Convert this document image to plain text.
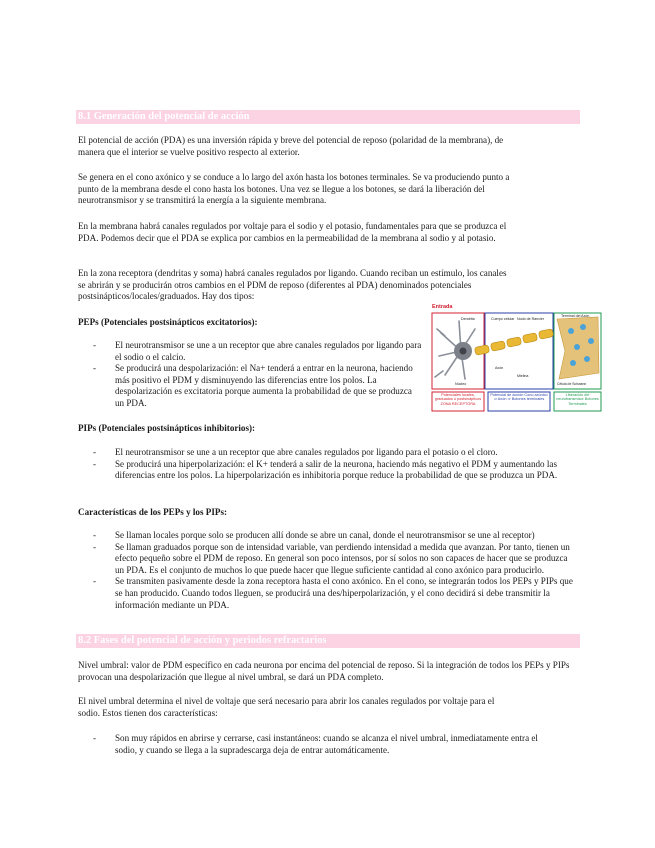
8.1 Generación del potencial de acción

El potencial de acción (PDA) es una inversión rápida y breve del potencial de reposo (polaridad de la membrana), de manera que el interior se vuelve positivo respecto al exterior.

Se genera en el cono axónico y se conduce a lo largo del axón hasta los botones terminales. Se va produciendo punto a punto de la membrana desde el cono hasta los botones. Una vez se llegue a los botones, se dará la liberación del neurotransmisor y se transmitirá la energía a la siguiente membrana.

En la membrana habrá canales regulados por voltaje para el sodio y el potasio, fundamentales para que se produzca el PDA. Podemos decir que el PDA se explica por cambios en la permeabilidad de la membrana al sodio y al potasio.

En la zona receptora (dendritas y soma) habrá canales regulados por ligando. Cuando reciban un estímulo, los canales se abrirán y se producirán otros cambios en el PDM de reposo (diferentes al PDA) denominados potenciales postsinápticos/locales/graduados. Hay dos tipos:

PEPs (Potenciales postsinápticos excitatorios):
- El neurotransmisor se une a un receptor que abre canales regulados por ligando para el sodio o el calcio.
- Se producirá una despolarización: el Na+ tenderá a entrar en la neurona, haciendo más positivo el PDM y disminuyendo las diferencias entre los polos. La despolarización es excitatoria porque aumenta la probabilidad de que se produzca un PDA.
Entrada
Dendrita	Cuerpo celular Nodo de Ranvier
Terminal del Axón
Axón
Mielina
Núcleo	Célula de Schwann
Potenciales locales, graduados o postsinápticos ZONA RECEPTORA
Potencial de acción Cono axónico ⇒ Axón ⇒ Botones terminales
Liberación del neurotransmisor Botones Terminales
PIPs (Potenciales postsinápticos inhibitorios):
- El neurotransmisor se une a un receptor que abre canales regulados por ligando para el potasio o el cloro.
- Se producirá una hiperpolarización: el K+ tenderá a salir de la neurona, haciendo más negativo el PDM y aumentando las diferencias entre los polos. La hiperpolarización es inhibitoria porque reduce la probabilidad de que se produzca un PDA.
Características de los PEPs y los PIPs:
- Se llaman locales porque solo se producen allí donde se abre un canal, donde el neurotransmisor se une al receptor)
- Se llaman graduados porque son de intensidad variable, van perdiendo intensidad a medida que avanzan. Por tanto, tienen un efecto pequeño sobre el PDM de reposo. En general son poco intensos, por sí solos no son capaces de hacer que se produzca un PDA. Es el conjunto de muchos lo que puede hacer que llegue suficiente cantidad al cono axónico para producirlo.
- Se transmiten pasivamente desde la zona receptora hasta el cono axónico. En el cono, se integrarán todos los PEPs y PIPs que se han producido. Cuando todos lleguen, se producirá una des/hiperpolarización, y el cono decidirá si debe transmitir la información mediante un PDA.
8.2 Fases del potencial de acción y periodos refractarios

Nivel umbral: valor de PDM específico en cada neurona por encima del potencial de reposo. Si la integración de todos los PEPs y PIPs provocan una despolarización que llegue al nivel umbral, se dará un PDA completo.

El nivel umbral determina el nivel de voltaje que será necesario para abrir los canales regulados por voltaje para el sodio. Estos tienen dos características:

- Son muy rápidos en abrirse y cerrarse, casi instantáneos: cuando se alcanza el nivel umbral, inmediatamente entra el sodio, y cuando se llega a la supradescarga deja de entrar automáticamente.
